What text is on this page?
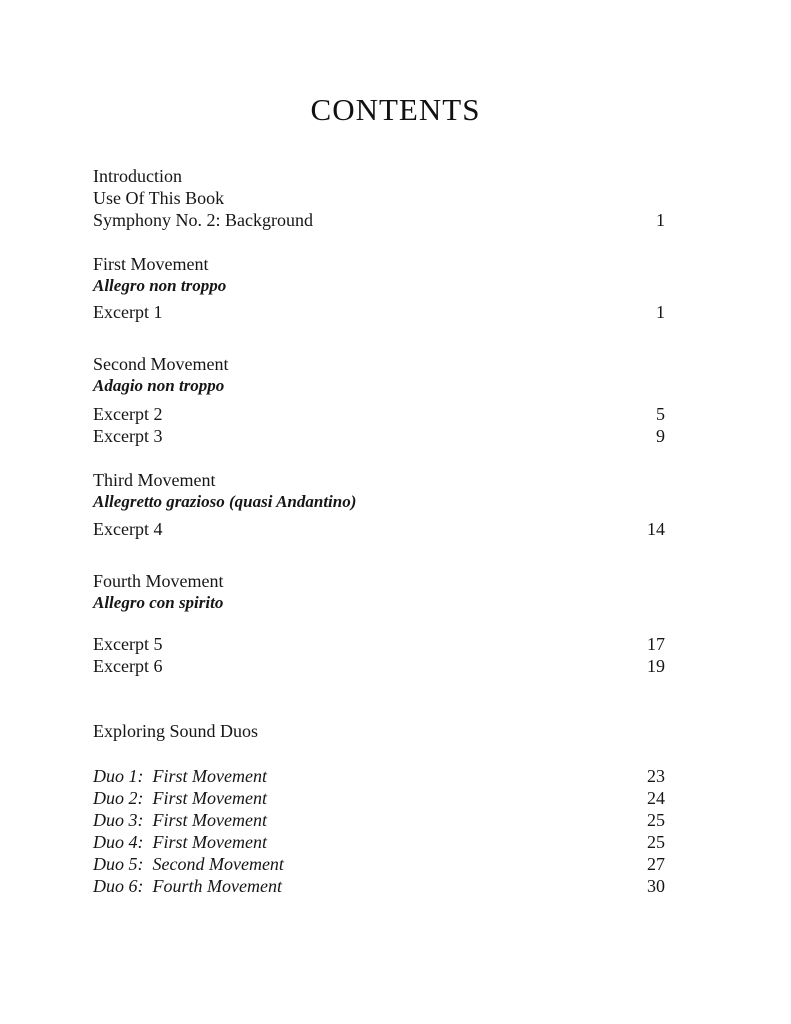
CONTENTS
Introduction
Use Of This Book
Symphony No. 2: Background	1
First Movement
Allegro non troppo
Excerpt 1	1
Second Movement
Adagio non troppo
Excerpt 2	5
Excerpt 3	9
Third Movement
Allegretto grazioso (quasi Andantino)
Excerpt 4	14
Fourth Movement
Allegro con spirito
Excerpt 5	17
Excerpt 6	19
Exploring Sound Duos
Duo 1:  First Movement	23
Duo 2:  First Movement	24
Duo 3:  First Movement	25
Duo 4:  First Movement	25
Duo 5:  Second Movement	27
Duo 6:  Fourth Movement	30
